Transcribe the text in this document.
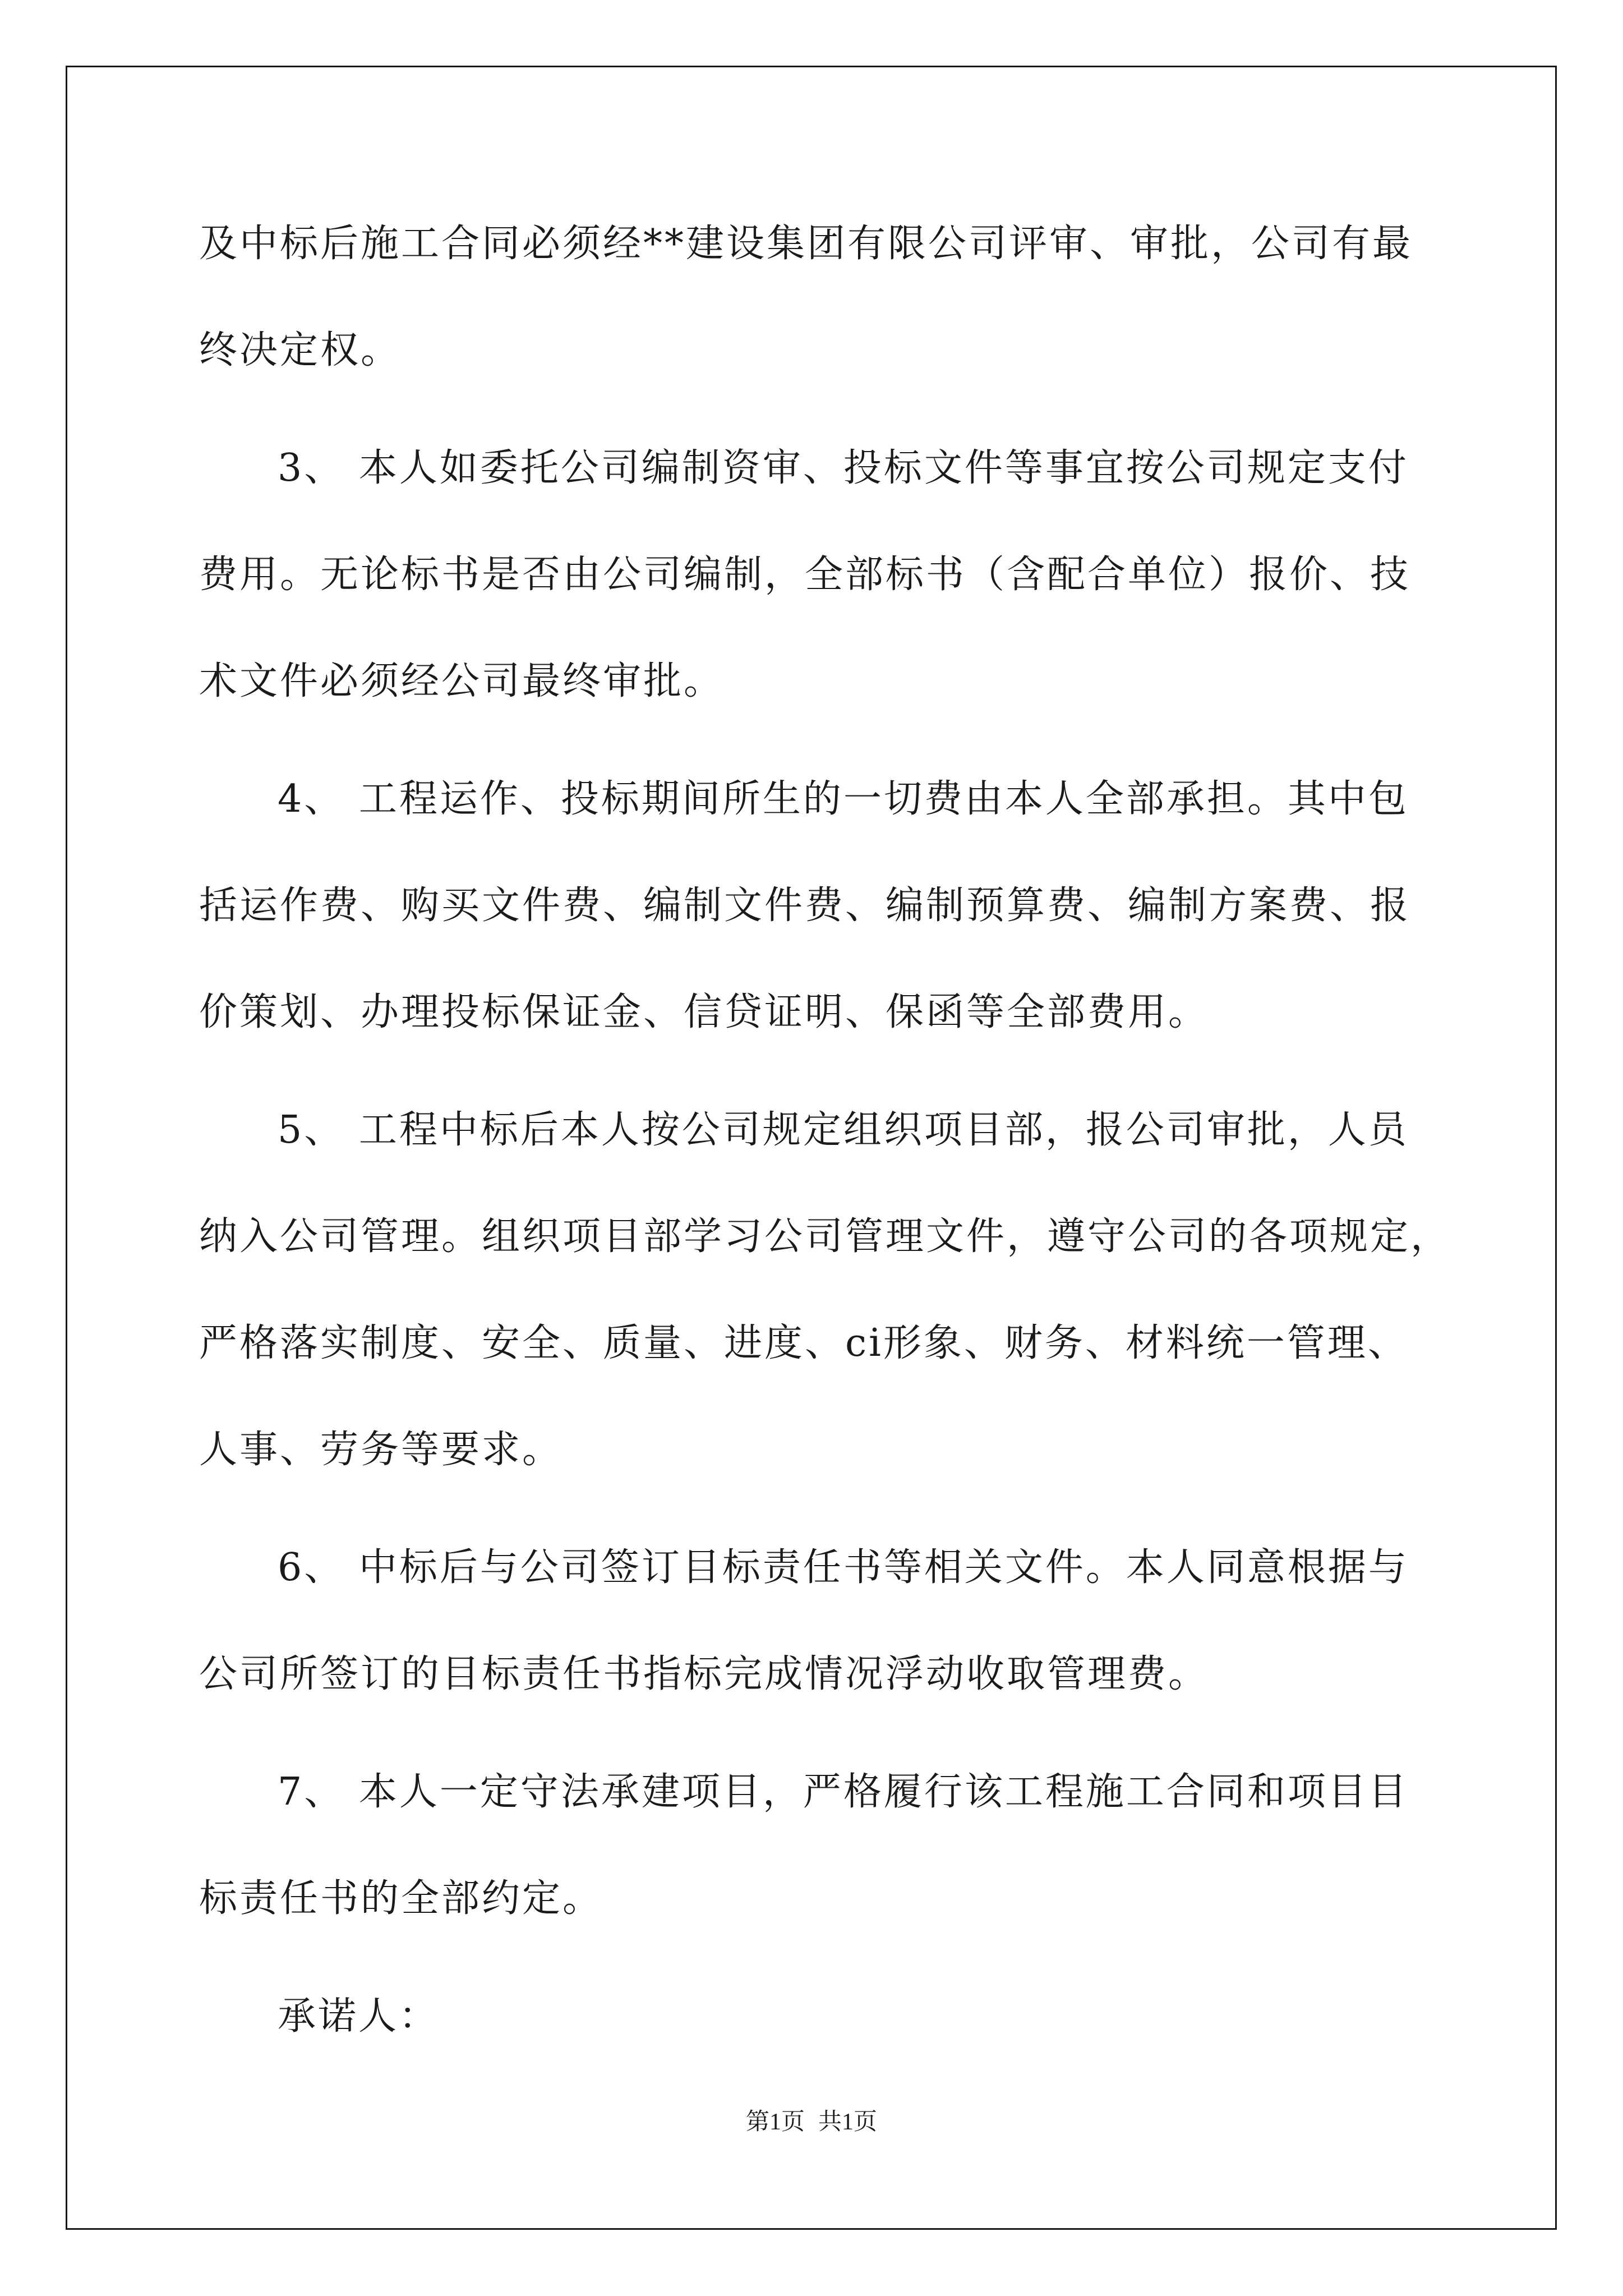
及中标后施工合同必须经**建设集团有限公司评审、审批，公司有最
终决定权。
3、 本人如委托公司编制资审、投标文件等事宜按公司规定支付
费用。无论标书是否由公司编制，全部标书（含配合单位）报价、技
术文件必须经公司最终审批。
4、 工程运作、投标期间所生的一切费由本人全部承担。其中包
括运作费、购买文件费、编制文件费、编制预算费、编制方案费、报
价策划、办理投标保证金、信贷证明、保函等全部费用。
5、 工程中标后本人按公司规定组织项目部，报公司审批，人员
纳入公司管理。组织项目部学习公司管理文件，遵守公司的各项规定，
严格落实制度、安全、质量、进度、ci形象、财务、材料统一管理、
人事、劳务等要求。
6、 中标后与公司签订目标责任书等相关文件。本人同意根据与
公司所签订的目标责任书指标完成情况浮动收取管理费。
7、 本人一定守法承建项目，严格履行该工程施工合同和项目目
标责任书的全部约定。
承诺人：
第1页 共1页
